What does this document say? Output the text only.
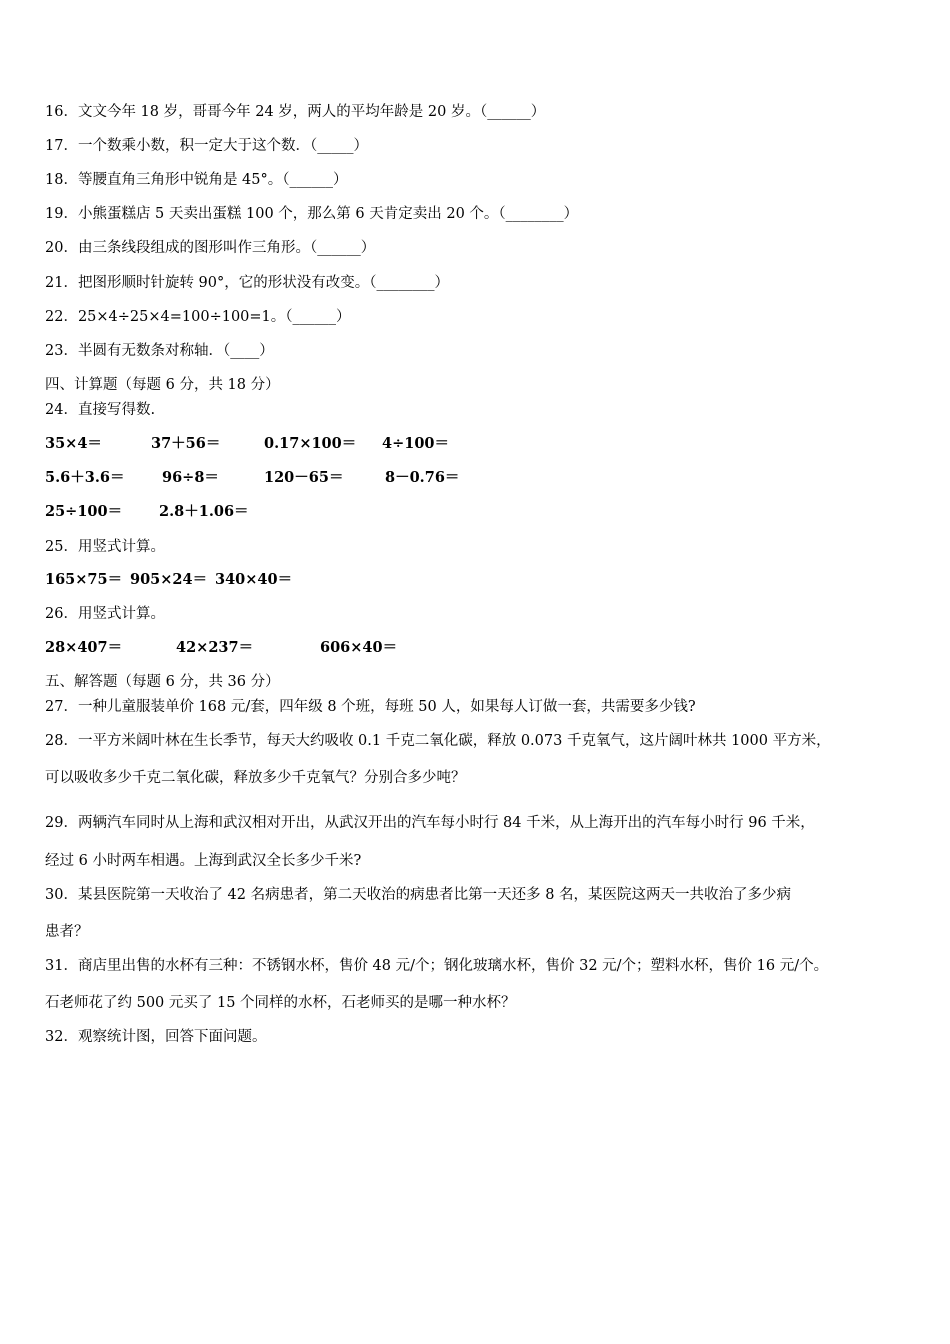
16．文文今年 18 岁，哥哥今年 24 岁，两人的平均年龄是 20 岁。（______）
17．一个数乘小数，积一定大于这个数．（_____）
18．等腰直角三角形中锐角是 45°。（______）
19．小熊蛋糕店 5 天卖出蛋糕 100 个，那么第 6 天肯定卖出 20 个。（________）
20．由三条线段组成的图形叫作三角形。（______）
21．把图形顺时针旋转 90°，它的形状没有改变。（________）
22．25×4÷25×4=100÷100=1。（______）
23．半圆有无数条对称轴．（____）
四、计算题（每题 6 分，共 18 分）
24．直接写得数.
35×4＝	37＋56＝	0.17×100＝ 4÷100＝
5.6＋3.6＝	96÷8＝	120－65＝	8－0.76＝
25÷100＝	2.8＋1.06＝
25．用竖式计算。
165×75＝ 905×24＝ 340×40＝
26．用竖式计算。
28×407＝	42×237＝	606×40＝
五、解答题（每题 6 分，共 36 分）
27．一种儿童服装单价 168 元/套，四年级 8 个班，每班 50 人，如果每人订做一套，共需要多少钱?
28．一平方米阔叶林在生长季节，每天大约吸收 0.1 千克二氧化碳，释放 0.073 千克氧气，这片阔叶林共 1000 平方米，
可以吸收多少千克二氧化碳，释放多少千克氧气？分别合多少吨？
29．两辆汽车同时从上海和武汉相对开出，从武汉开出的汽车每小时行 84 千米，从上海开出的汽车每小时行 96 千米，
经过 6 小时两车相遇。上海到武汉全长多少千米?
30．某县医院第一天收治了 42 名病患者，第二天收治的病患者比第一天还多 8 名，某医院这两天一共收治了多少病
患者？
31．商店里出售的水杯有三种：不锈钢水杯，售价 48 元/个；钢化玻璃水杯，售价 32 元/个；塑料水杯，售价 16 元/个。
石老师花了约 500 元买了 15 个同样的水杯，石老师买的是哪一种水杯？
32．观察统计图，回答下面问题。
